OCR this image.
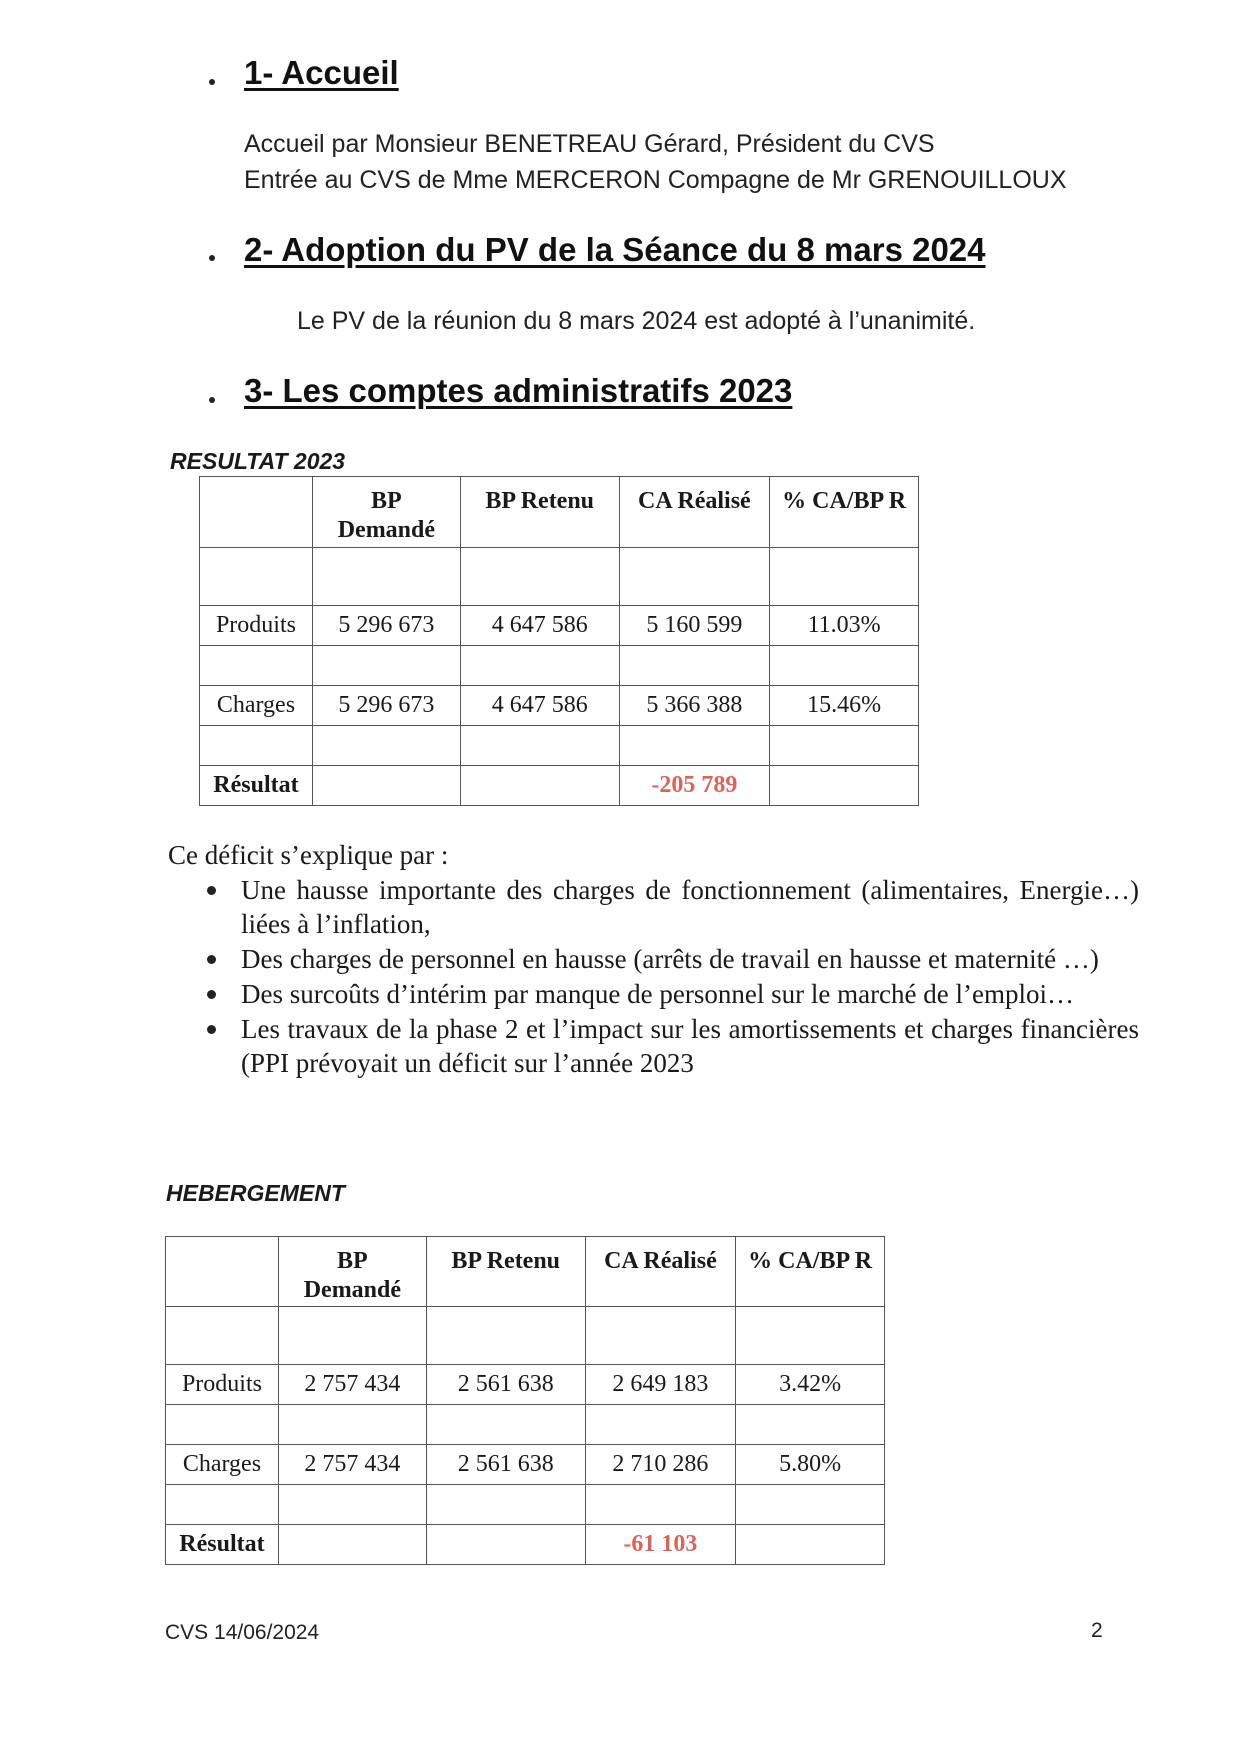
1- Accueil
Accueil par Monsieur BENETREAU Gérard, Président du CVS
Entrée au CVS de Mme MERCERON Compagne de Mr GRENOUILLOUX
2- Adoption du PV de la Séance du 8 mars 2024
Le PV de la réunion du 8 mars 2024 est adopté à l’unanimité.
3- Les comptes administratifs 2023
RESULTAT 2023
	BP Demandé	BP Retenu	CA Réalisé	% CA/BP R

Produits	5 296 673	4 647 586	5 160 599	11.03%

Charges	5 296 673	4 647 586	5 366 388	15.46%

Résultat			-205 789	
Ce déficit s’explique par :
Une hausse importante des charges de fonctionnement (alimentaires, Energie…) liées à l’inflation,
Des charges de personnel en hausse (arrêts de travail en hausse et maternité …)
Des surcoûts d’intérim par manque de personnel sur le marché de l’emploi…
Les travaux de la phase 2 et l’impact sur les amortissements et charges financières (PPI prévoyait un déficit sur l’année 2023
HEBERGEMENT
	BP Demandé	BP Retenu	CA Réalisé	% CA/BP R

Produits	2 757 434	2 561 638	2 649 183	3.42%

Charges	2 757 434	2 561 638	2 710 286	5.80%

Résultat			-61 103	
CVS 14/06/2024	2
